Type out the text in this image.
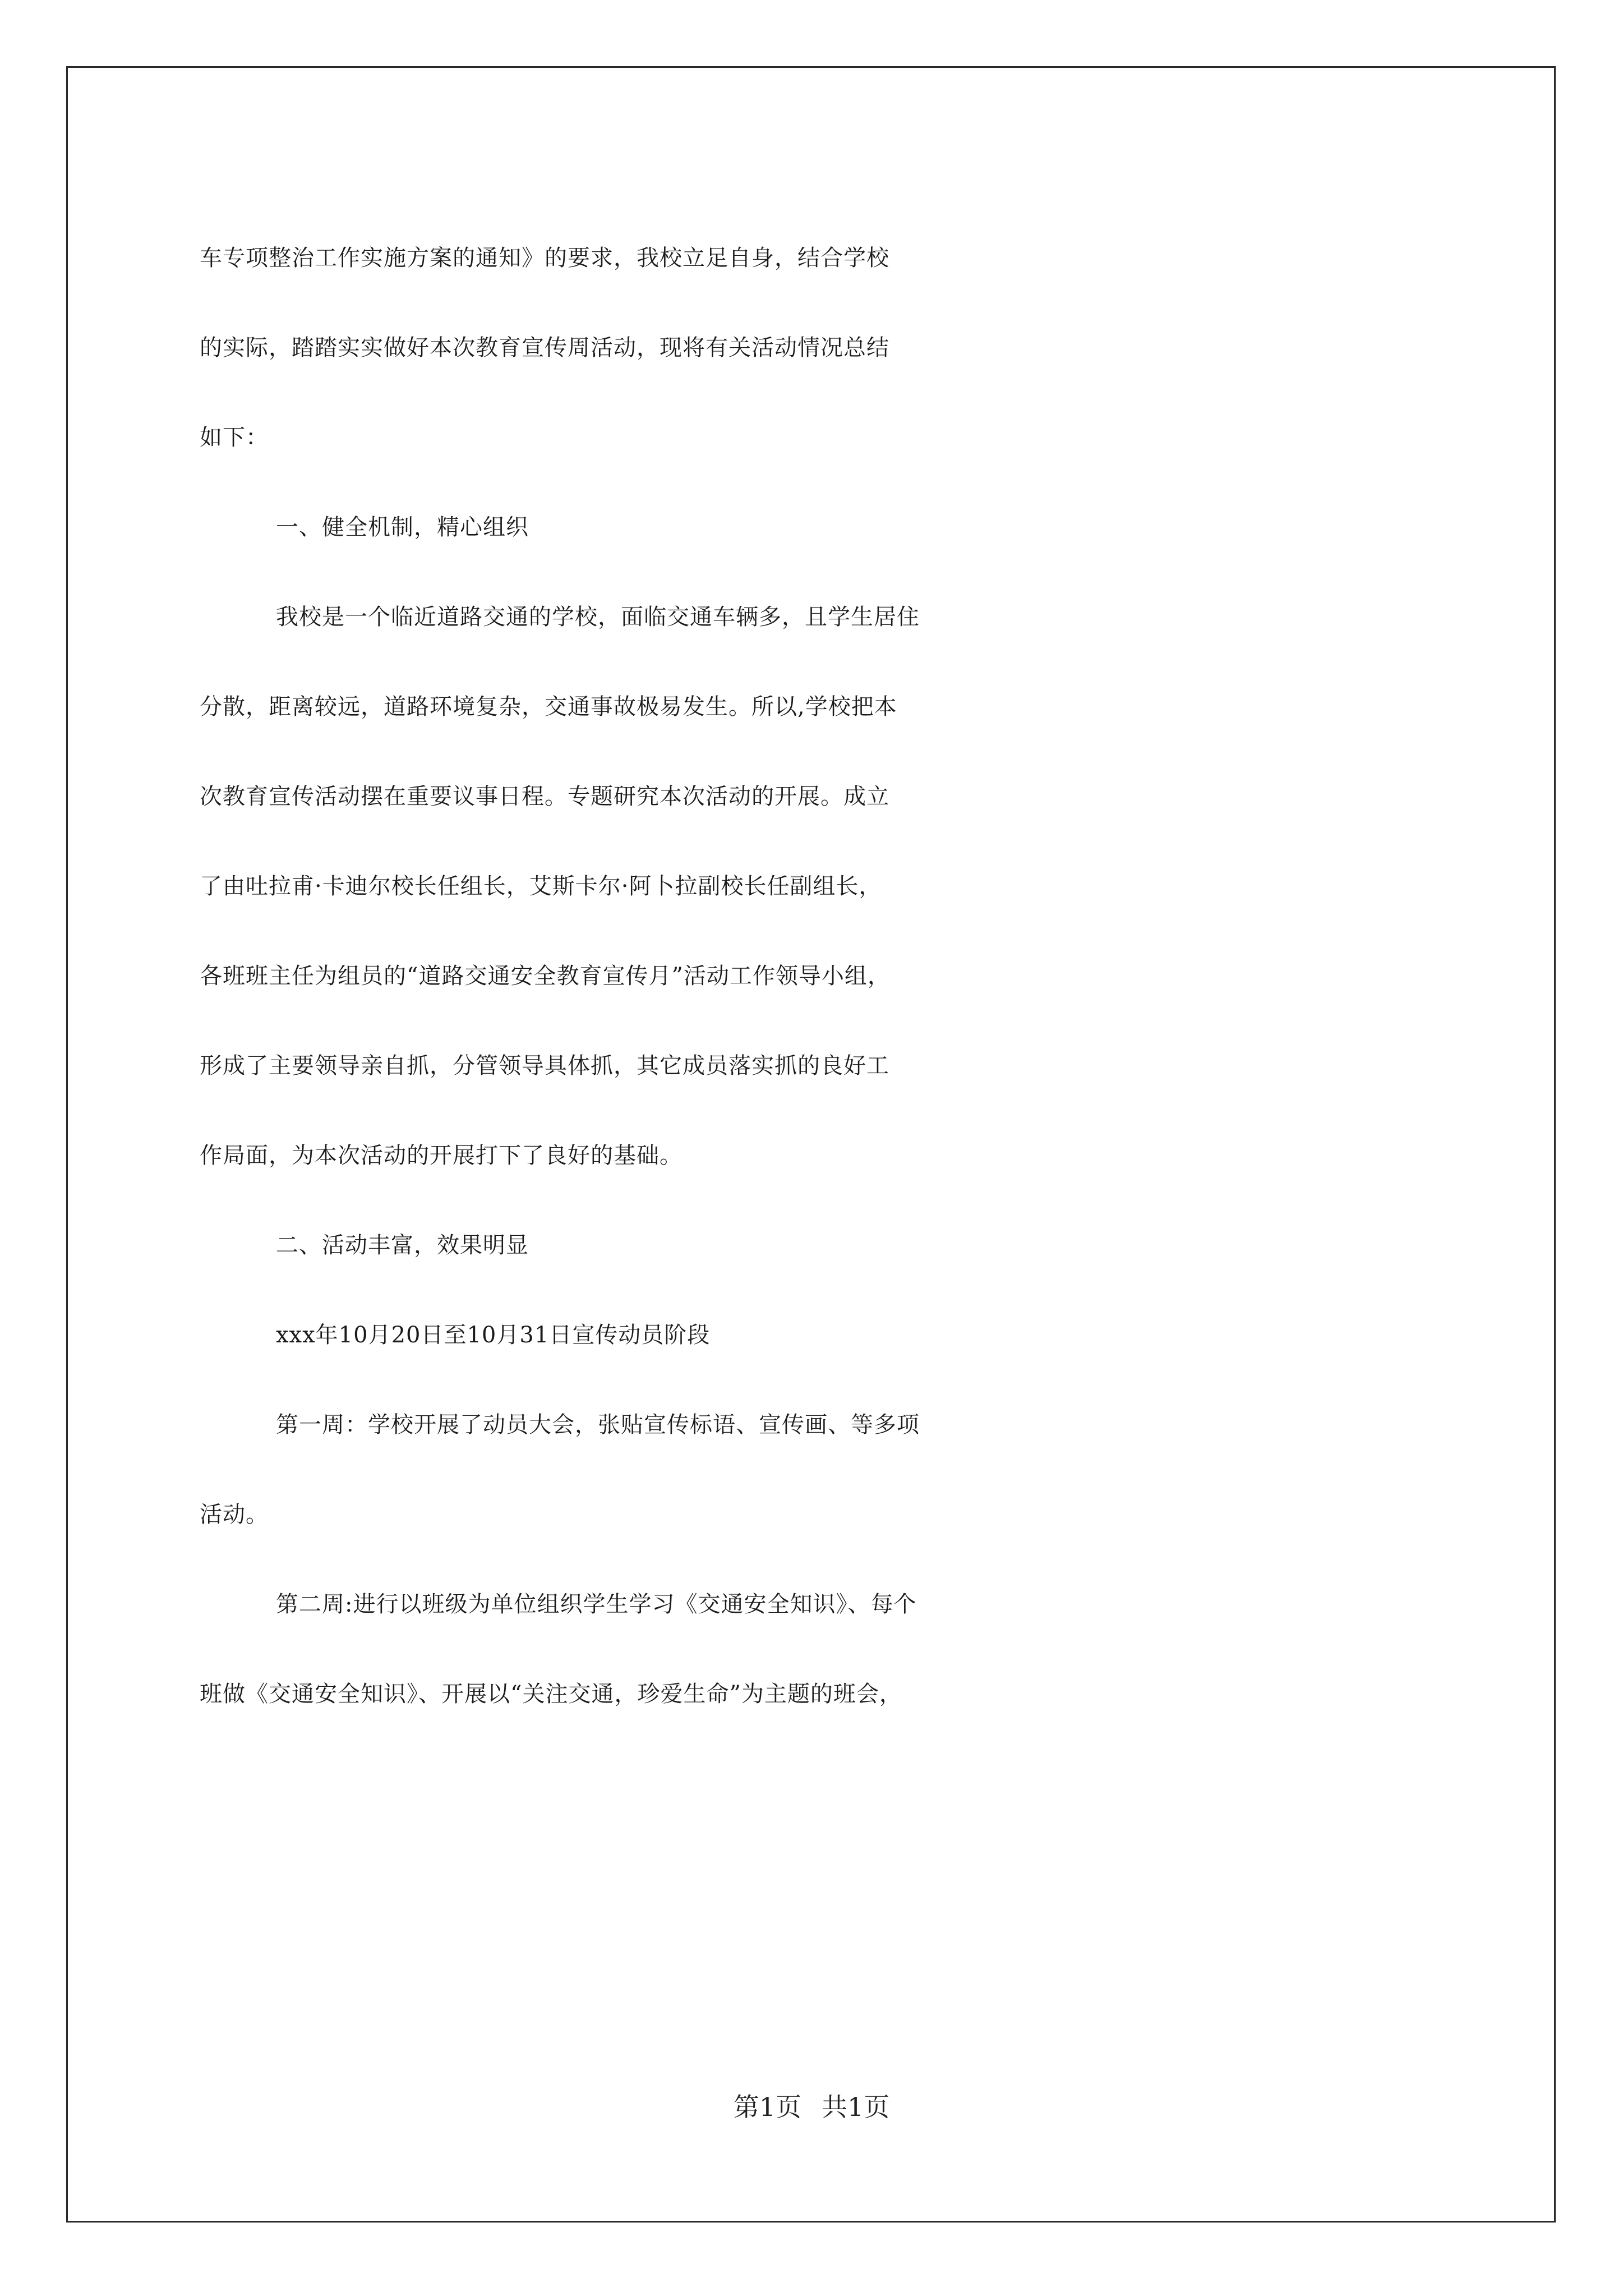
车专项整治工作实施方案的通知》的要求，我校立足自身，结合学校
的实际，踏踏实实做好本次教育宣传周活动，现将有关活动情况总结
如下：
一、健全机制，精心组织
我校是一个临近道路交通的学校，面临交通车辆多，且学生居住
分散，距离较远，道路环境复杂，交通事故极易发生。所以,学校把本
次教育宣传活动摆在重要议事日程。专题研究本次活动的开展。成立
了由吐拉甫·卡迪尔校长任组长，艾斯卡尔·阿卜拉副校长任副组长，
各班班主任为组员的“道路交通安全教育宣传月”活动工作领导小组，
形成了主要领导亲自抓，分管领导具体抓，其它成员落实抓的良好工
作局面，为本次活动的开展打下了良好的基础。
二、活动丰富，效果明显
xxx年10月20日至10月31日宣传动员阶段
第一周：学校开展了动员大会，张贴宣传标语、宣传画、等多项
活动。
第二周:进行以班级为单位组织学生学习《交通安全知识》、每个
班做《交通安全知识》、开展以“关注交通，珍爱生命”为主题的班会，
第1页 共1页
